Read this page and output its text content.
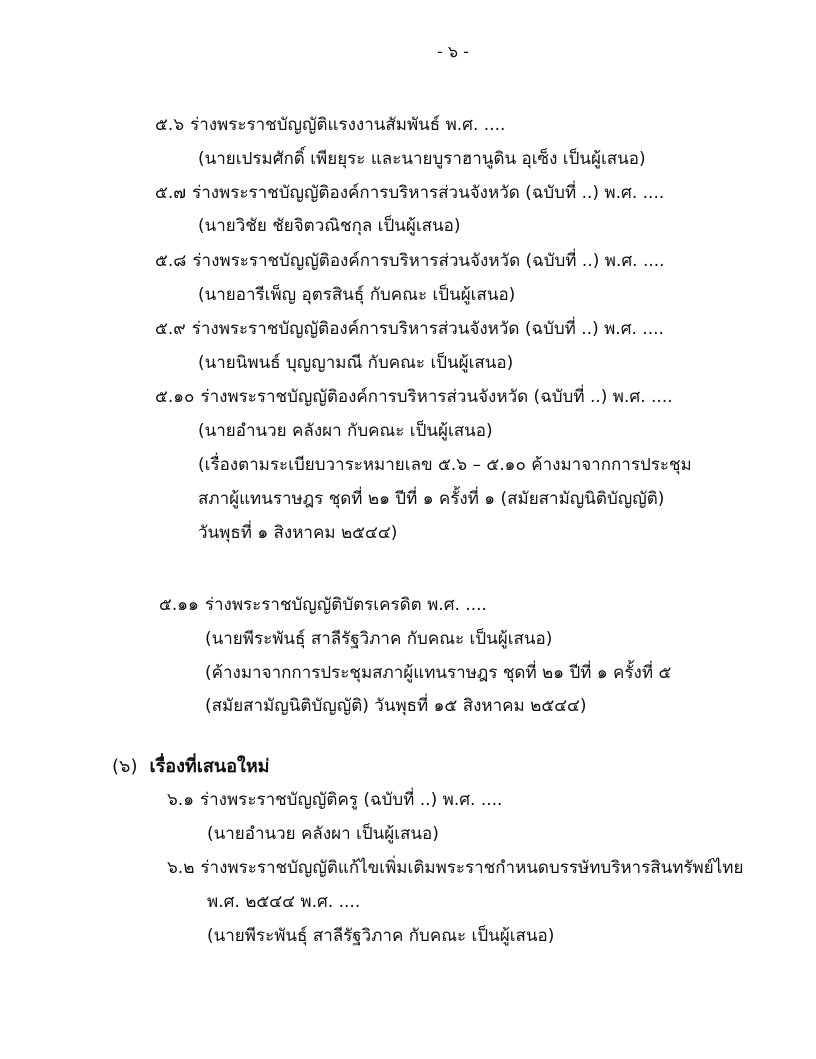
- ๖ -
๕.๖ ร่างพระราชบัญญัติแรงงานสัมพันธ์ พ.ศ. ....
(นายเปรมศักดิ์ เพียยุระ และนายบูราฮานูดิน อุเซ็ง เป็นผู้เสนอ)
๕.๗ ร่างพระราชบัญญัติองค์การบริหารส่วนจังหวัด (ฉบับที่ ..) พ.ศ. ....
(นายวิชัย ชัยจิตวณิชกุล เป็นผู้เสนอ)
๕.๘ ร่างพระราชบัญญัติองค์การบริหารส่วนจังหวัด (ฉบับที่ ..) พ.ศ. ....
(นายอารีเพ็ญ อุตรสินธุ์ กับคณะ เป็นผู้เสนอ)
๕.๙ ร่างพระราชบัญญัติองค์การบริหารส่วนจังหวัด (ฉบับที่ ..) พ.ศ. ....
(นายนิพนธ์ บุญญามณี กับคณะ เป็นผู้เสนอ)
๕.๑๐ ร่างพระราชบัญญัติองค์การบริหารส่วนจังหวัด (ฉบับที่ ..) พ.ศ. ....
(นายอำนวย คลังผา กับคณะ เป็นผู้เสนอ)
(เรื่องตามระเบียบวาระหมายเลข ๕.๖ – ๕.๑๐ ค้างมาจากการประชุม
สภาผู้แทนราษฎร ชุดที่ ๒๑ ปีที่ ๑ ครั้งที่ ๑ (สมัยสามัญนิติบัญญัติ)
วันพุธที่ ๑ สิงหาคม ๒๕๔๔)
๕.๑๑ ร่างพระราชบัญญัติบัตรเครดิต พ.ศ. ....
(นายพีระพันธุ์ สาลีรัฐวิภาค กับคณะ เป็นผู้เสนอ)
(ค้างมาจากการประชุมสภาผู้แทนราษฎร ชุดที่ ๒๑ ปีที่ ๑ ครั้งที่ ๕
(สมัยสามัญนิติบัญญัติ) วันพุธที่ ๑๕ สิงหาคม ๒๕๔๔)
(๖) เรื่องที่เสนอใหม่
๖.๑ ร่างพระราชบัญญัติครู (ฉบับที่ ..) พ.ศ. ....
(นายอำนวย คลังผา เป็นผู้เสนอ)
๖.๒ ร่างพระราชบัญญัติแก้ไขเพิ่มเติมพระราชกำหนดบรรษัทบริหารสินทรัพย์ไทย
พ.ศ. ๒๕๔๔ พ.ศ. ....
(นายพีระพันธุ์ สาลีรัฐวิภาค กับคณะ เป็นผู้เสนอ)
